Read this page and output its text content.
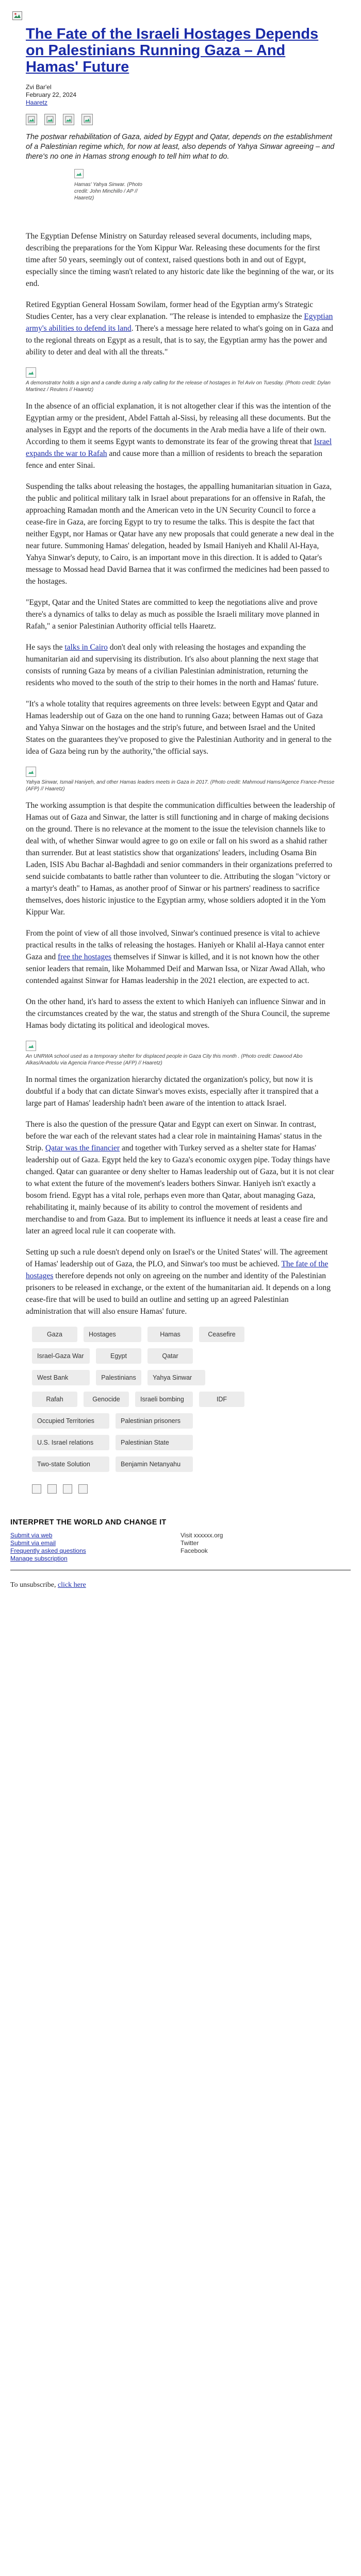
The Fate of the Israeli Hostages Depends on Palestinians Running Gaza – And Hamas' Future
Zvi Bar'el
February 22, 2024
Haaretz
The postwar rehabilitation of Gaza, aided by Egypt and Qatar, depends on the establishment of a Palestinian regime which, for now at least, also depends of Yahya Sinwar agreeing – and there's no one in Hamas strong enough to tell him what to do.
Hamas' Yahya Sinwar. (Photo credit: John Minchillo / AP // Haaretz)

The Egyptian Defense Ministry on Saturday released several documents, including maps, describing the preparations for the Yom Kippur War. Releasing these documents for the first time after 50 years, seemingly out of context, raised questions both in and out of Egypt, especially since the timing wasn't related to any historic date like the beginning of the war, or its end.

Retired Egyptian General Hossam Sowilam, former head of the Egyptian army's Strategic Studies Center, has a very clear explanation. "The release is intended to emphasize the Egyptian army's abilities to defend its land. There's a message here related to what's going on in Gaza and to the regional threats on Egypt as a result, that is to say, the Egyptian army has the power and ability to deter and deal with all the threats."

A demonstrator holds a sign and a candle during a rally calling for the release of hostages in Tel Aviv on Tuesday. (Photo credit: Dylan Martinez / Reuters // Haaretz)

In the absence of an official explanation, it is not altogether clear if this was the intention of the Egyptian army or the president, Abdel Fattah al-Sissi, by releasing all these documents. But the analyses in Egypt and the reports of the documents in the Arab media have a life of their own. According to them it seems Egypt wants to demonstrate its fear of the growing threat that Israel expands the war to Rafah and cause more than a million of residents to breach the separation fence and enter Sinai.

Suspending the talks about releasing the hostages, the appalling humanitarian situation in Gaza, the public and political military talk in Israel about preparations for an offensive in Rafah, the approaching Ramadan month and the American veto in the UN Security Council to force a cease-fire in Gaza, are forcing Egypt to try to resume the talks. This is despite the fact that neither Egypt, nor Hamas or Qatar have any new proposals that could generate a new deal in the near future. Summoning Hamas' delegation, headed by Ismail Haniyeh and Khalil Al-Haya, Yahya Sinwar's deputy, to Cairo, is an important move in this direction. It is added to Qatar's message to Mossad head David Barnea that it was confirmed the medicines had been passed to the hostages.

"Egypt, Qatar and the United States are committed to keep the negotiations alive and prove there's a dynamics of talks to delay as much as possible the Israeli military move planned in Rafah," a senior Palestinian Authority official tells Haaretz.

He says the talks in Cairo don't deal only with releasing the hostages and expanding the humanitarian aid and supervising its distribution. It's also about planning the next stage that consists of running Gaza by means of a civilian Palestinian administration, returning the residents who moved to the south of the strip to their homes in the north and Hamas' future.

"It's a whole totality that requires agreements on three levels: between Egypt and Qatar and Hamas leadership out of Gaza on the one hand to running Gaza; between Hamas out of Gaza and Yahya Sinwar on the hostages and the strip's future, and between Israel and the United States on the guarantees they've proposed to give the Palestinian Authority and in general to the idea of Gaza being run by the authority,"the official says.

Yahya Sinwar, Ismail Haniyeh, and other Hamas leaders meets in Gaza in 2017. (Photo credit: Mahmoud Hams/Agence France-Presse (AFP) // Haaretz)

The working assumption is that despite the communication difficulties between the leadership of Hamas out of Gaza and Sinwar, the latter is still functioning and in charge of making decisions on the ground. There is no relevance at the moment to the issue the television channels like to deal with, of whether Sinwar would agree to go on exile or fall on his sword as a shahid rather than surrender. But at least statistics show that organizations' leaders, including Osama Bin Laden, ISIS Abu Bachar al-Baghdadi and senior commanders in their organizations preferred to send suicide combatants to battle rather than volunteer to die. Attributing the slogan "victory or a martyr's death" to Hamas, as another proof of Sinwar or his partners' readiness to sacrifice themselves, does historic injustice to the Egyptian army, whose soldiers adopted it in the Yom Kippur War.

From the point of view of all those involved, Sinwar's continued presence is vital to achieve practical results in the talks of releasing the hostages. Haniyeh or Khalil al-Haya cannot enter Gaza and free the hostages themselves if Sinwar is killed, and it is not known how the other senior leaders that remain, like Mohammed Deif and Marwan Issa, or Nizar Awad Allah, who contended against Sinwar for Hamas leadership in the 2021 election, are expected to act.

On the other hand, it's hard to assess the extent to which Haniyeh can influence Sinwar and in the circumstances created by the war, the status and strength of the Shura Council, the supreme Hamas body dictating its political and ideological moves.

An UNRWA school used as a temporary shelter for displaced people in Gaza City this month . (Photo credit: Dawood Abo Alkas/Anadolu via Agencia France-Presse (AFP) // Haaretz)

In normal times the organization hierarchy dictated the organization's policy, but now it is doubtful if a body that can dictate Sinwar's moves exists, especially after it transpired that a large part of Hamas' leadership hadn't been aware of the intention to attack Israel.

There is also the question of the pressure Qatar and Egypt can exert on Sinwar. In contrast, before the war each of the relevant states had a clear role in maintaining Hamas' status in the Strip. Qatar was the financier and together with Turkey served as a shelter state for Hamas' leadership out of Gaza. Egypt held the key to Gaza's economic oxygen pipe. Today things have changed. Qatar can guarantee or deny shelter to Hamas leadership out of Gaza, but it is not clear to what extent the future of the movement's leaders bothers Sinwar. Haniyeh isn't exactly a bosom friend. Egypt has a vital role, perhaps even more than Qatar, about managing Gaza, rehabilitating it, mainly because of its ability to control the movement of residents and merchandise to and from Gaza. But to implement its influence it needs at least a cease fire and later an agreed local rule it can cooperate with.

Setting up such a rule doesn't depend only on Israel's or the United States' will. The agreement of Hamas' leadership out of Gaza, the PLO, and Sinwar's too must be achieved. The fate of the hostages therefore depends not only on agreeing on the number and identity of the Palestinian prisoners to be released in exchange, or the extent of the humanitarian aid. It depends on a long cease-fire that will be used to build an outline and setting up an agreed Palestinian administration that will also ensure Hamas' future.

Gaza	Hostages	Hamas	Ceasefire
Israel-Gaza War	Egypt	Qatar
West Bank	Palestinians	Yahya Sinwar
Rafah	Genocide	Israeli bombing	IDF
Occupied Territories	Palestinian prisoners
U.S. Israel relations	Palestinian State
Two-state Solution	Benjamin Netanyahu
INTERPRET THE WORLD AND CHANGE IT
Submit via web
Submit via email
Frequently asked questions
Manage subscription
Visit xxxxxx.org
Twitter
Facebook
To unsubscribe, click here
